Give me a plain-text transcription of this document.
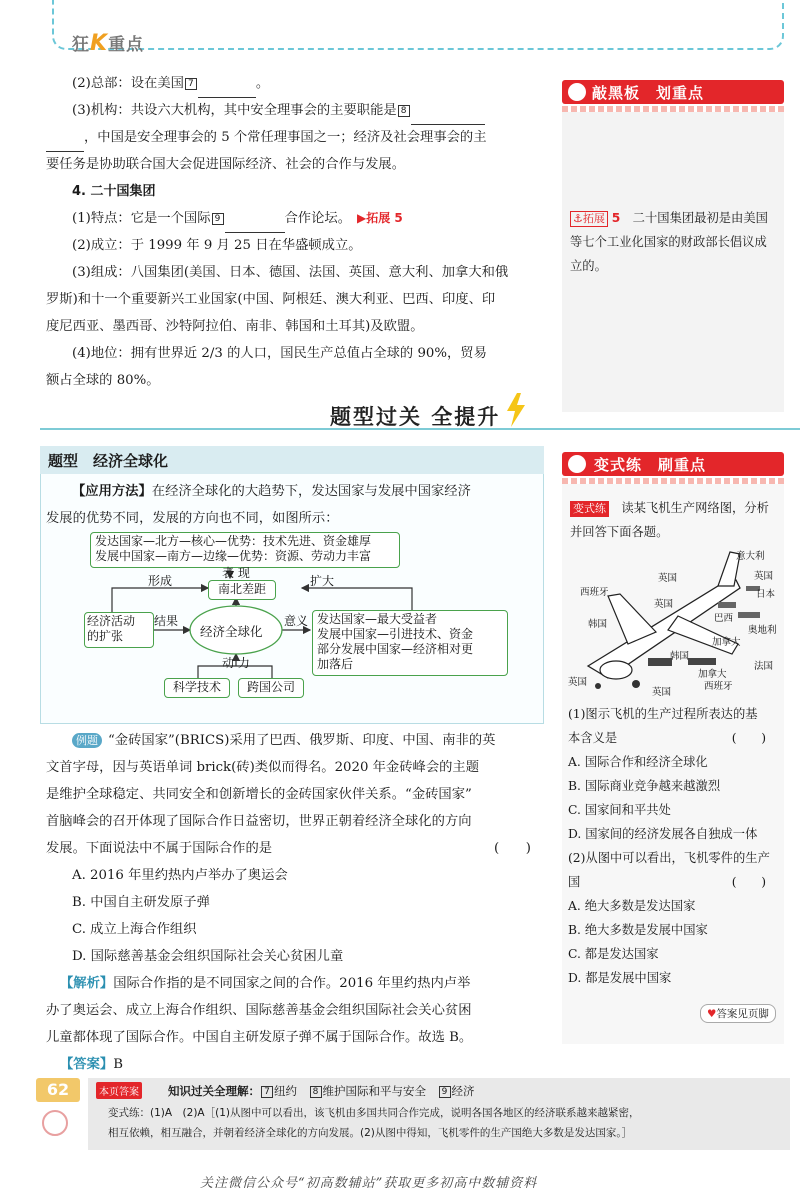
狂K重点
(2)总部：设在美国 7	。
(3)机构：共设六大机构，其中安全理事会的主要职能是 8
，中国是安全理事会的 5 个常任理事国之一；经济及社会理事会的主
要任务是协助联合国大会促进国际经济、社会的合作与发展。
4. 二十国集团
(1)特点：它是一个国际 9	合作论坛。 ▶拓展 5
(2)成立：于 1999 年 9 月 25 日在华盛顿成立。
(3)组成：八国集团(美国、日本、德国、法国、英国、意大利、加拿大和俄
罗斯)和十一个重要新兴工业国家(中国、阿根廷、澳大利亚、巴西、印度、印
度尼西亚、墨西哥、沙特阿拉伯、南非、韩国和土耳其)及欧盟。
(4)地位：拥有世界近 2/3 的人口，国民生产总值占全球的 90%，贸易
额占全球的 80%。
敲黑板　 划重点
⚓拓展 5　 二十国集团最初是由美国
等七个工业化国家的财政部长倡议成
立的。
题型过关 全提升
题型　经济全球化
【应用方法】在经济全球化的大趋势下，发达国家与发展中国家经济
发展的优势不同，发展的方向也不同，如图所示：
发达国家—北方—核心—优势：技术先进、资金雄厚
发展中国家—南方—边缘—优势：资源、劳动力丰富
表 现
南北差距
形成	扩大
经济活动
的扩张
结果
经济全球化
意义 发达国家—最大受益者
发展中国家—引进技术、资金
部分发展中国家—经济相对更
加落后
动 力
科学技术	跨国公司
例题 “金砖国家”(BRICS)采用了巴西、俄罗斯、印度、中国、南非的英
文首字母，因与英语单词 brick(砖)类似而得名。2020 年金砖峰会的主题
是维护全球稳定、共同安全和创新增长的金砖国家伙伴关系。“金砖国家”
首脑峰会的召开体现了国际合作日益密切，世界正朝着经济全球化的方向
发展。下面说法中不属于国际合作的是	(　　)
A. 2016 年里约热内卢举办了奥运会
B. 中国自主研发原子弹
C. 成立上海合作组织
D. 国际慈善基金会组织国际社会关心贫困儿童
【解析】国际合作指的是不同国家之间的合作。2016 年里约热内卢举
办了奥运会、成立上海合作组织、国际慈善基金会组织国际社会关心贫困
儿童都体现了国际合作。中国自主研发原子弹不属于国际合作。故选 B。
【答案】B
变式练　 刷重点
变式练　 读某飞机生产网络图，分析
并回答下面各题。
意大利
英国
日本
英国
西班牙
韩国
英国
巴西
奥地利
加拿大
韩国
法国
加拿大
西班牙
英国
英国
(1)图示飞机的生产过程所表达的基
本含义是	(　　)
A. 国际合作和经济全球化
B. 国际商业竞争越来越激烈
C. 国家间和平共处
D. 国家间的经济发展各自独成一体
(2)从图中可以看出，飞机零件的生产
国	(　　)
A. 绝大多数是发达国家
B. 绝大多数是发展中国家
C. 都是发达国家
D. 都是发展中国家
♥答案见页脚
62	本页答案	知识过关全理解： 7 纽约　 8 维护国际和平与安全　 9 经济
变式练：(1)A　(2)A［(1)从图中可以看出，该飞机由多国共同合作完成，说明各国各地区的经济联系越来越紧密，
相互依赖，相互融合，并朝着经济全球化的方向发展。(2)从图中得知，飞机零件的生产国绝大多数是发达国家。］
关注微信公众号“初高数辅站”获取更多初高中数辅资料
